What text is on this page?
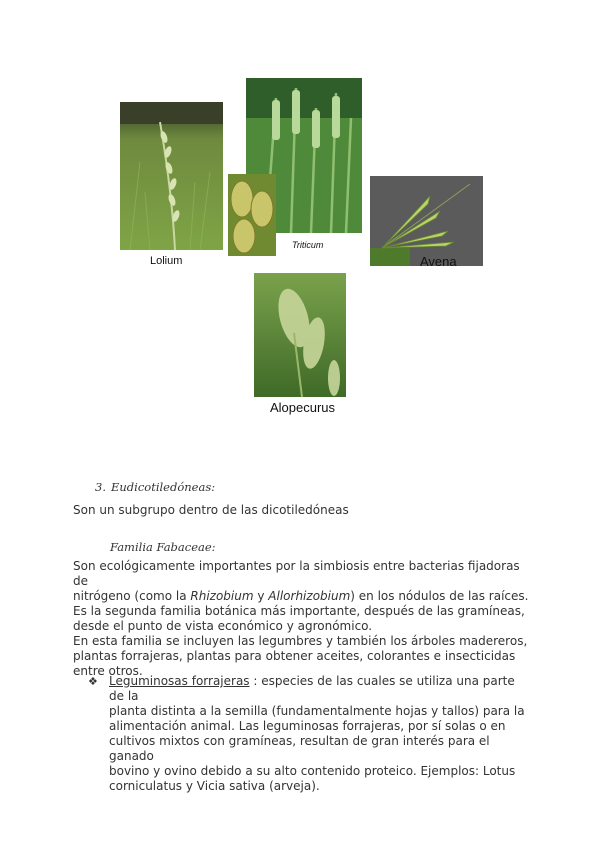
Lolium
Triticum
Avena
Alopecurus
3. Eudicotiledóneas:
Son un subgrupo dentro de las dicotiledóneas
Familia Fabaceae:
Son ecológicamente importantes por la simbiosis entre bacterias fijadoras de
nitrógeno (como la Rhizobium y Allorhizobium) en los nódulos de las raíces.
Es la segunda familia botánica más importante, después de las gramíneas,
desde el punto de vista económico y agronómico.
En esta familia se incluyen las legumbres y también los árboles madereros,
plantas forrajeras, plantas para obtener aceites, colorantes e insecticidas
entre otros.
❖ Leguminosas forrajeras : especies de las cuales se utiliza una parte de la
planta distinta a la semilla (fundamentalmente hojas y tallos) para la
alimentación animal. Las leguminosas forrajeras, por sí solas o en
cultivos mixtos con gramíneas, resultan de gran interés para el ganado
bovino y ovino debido a su alto contenido proteico. Ejemplos: Lotus
corniculatus y Vicia sativa (arveja).
